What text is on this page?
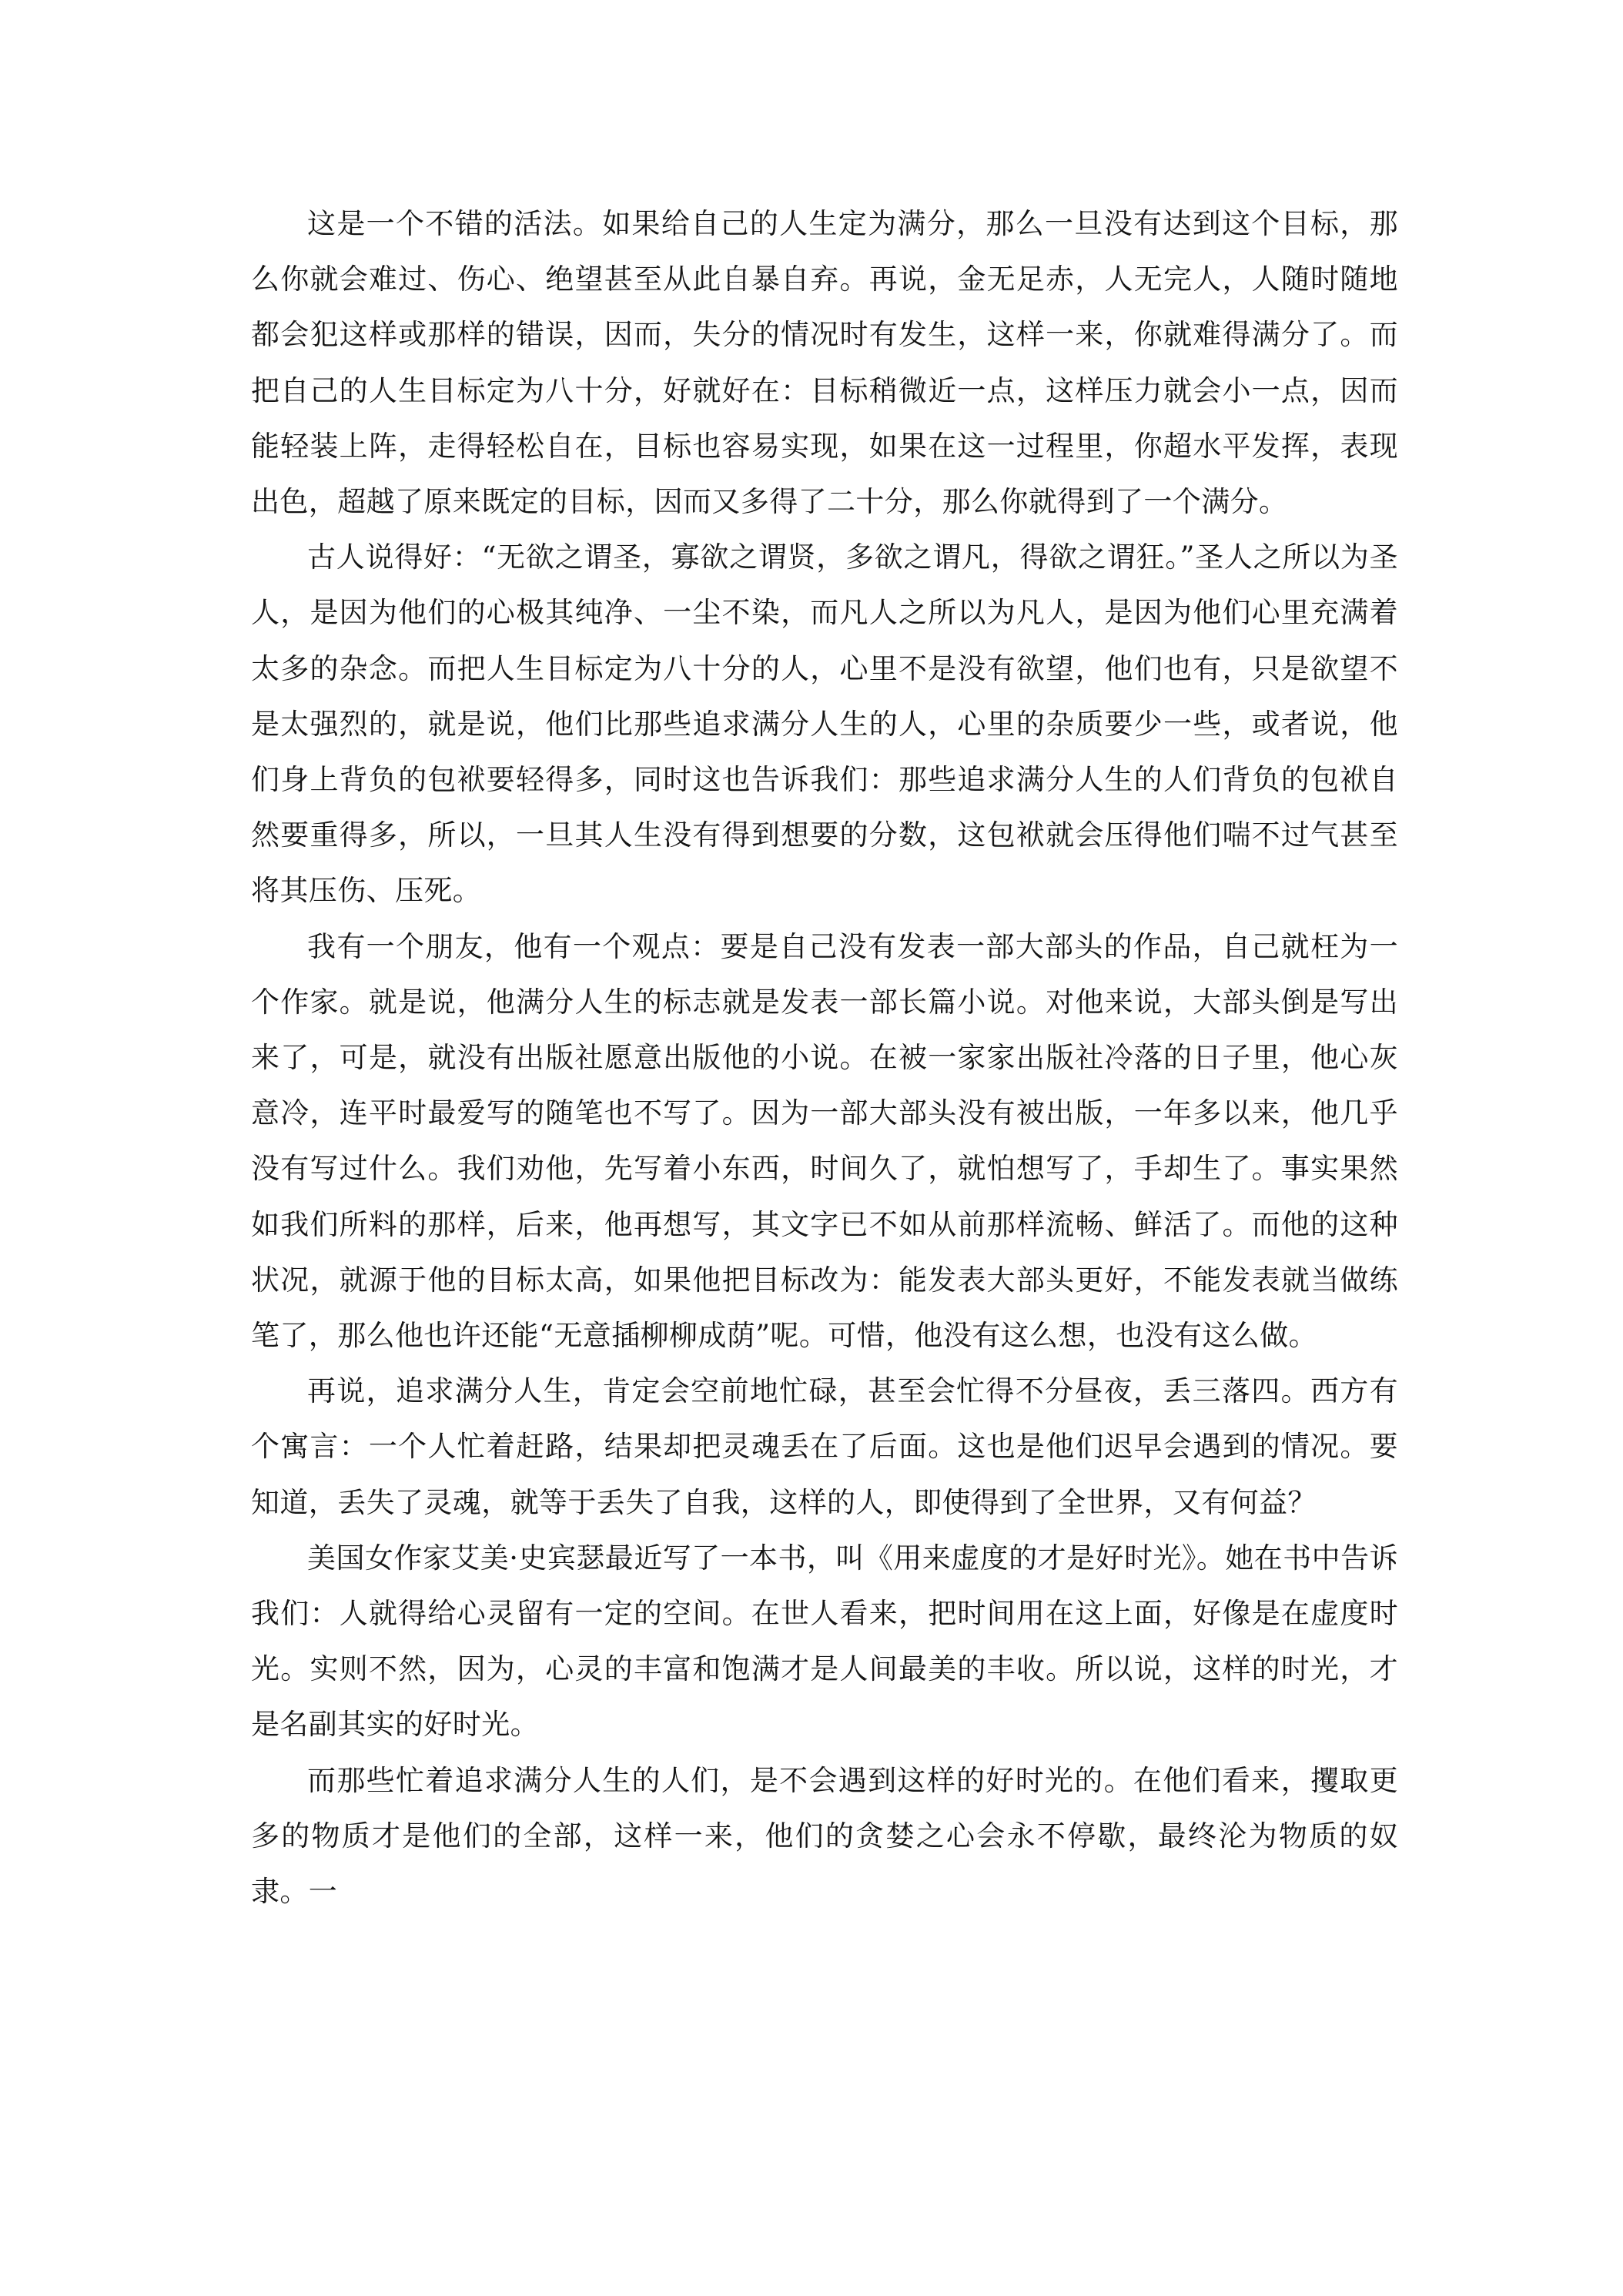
这是一个不错的活法。如果给自己的人生定为满分，那么一旦没有达到这个目标，那么你就会难过、伤心、绝望甚至从此自暴自弃。再说，金无足赤，人无完人，人随时随地都会犯这样或那样的错误，因而，失分的情况时有发生，这样一来，你就难得满分了。而把自己的人生目标定为八十分，好就好在：目标稍微近一点，这样压力就会小一点，因而能轻装上阵，走得轻松自在，目标也容易实现，如果在这一过程里，你超水平发挥，表现出色，超越了原来既定的目标，因而又多得了二十分，那么你就得到了一个满分。

古人说得好：“无欲之谓圣，寡欲之谓贤，多欲之谓凡，得欲之谓狂。”圣人之所以为圣人，是因为他们的心极其纯净、一尘不染，而凡人之所以为凡人，是因为他们心里充满着太多的杂念。而把人生目标定为八十分的人，心里不是没有欲望，他们也有，只是欲望不是太强烈的，就是说，他们比那些追求满分人生的人，心里的杂质要少一些，或者说，他们身上背负的包袱要轻得多，同时这也告诉我们：那些追求满分人生的人们背负的包袱自然要重得多，所以，一旦其人生没有得到想要的分数，这包袱就会压得他们喘不过气甚至将其压伤、压死。

我有一个朋友，他有一个观点：要是自己没有发表一部大部头的作品，自己就枉为一个作家。就是说，他满分人生的标志就是发表一部长篇小说。对他来说，大部头倒是写出来了，可是，就没有出版社愿意出版他的小说。在被一家家出版社冷落的日子里，他心灰意冷，连平时最爱写的随笔也不写了。因为一部大部头没有被出版，一年多以来，他几乎没有写过什么。我们劝他，先写着小东西，时间久了，就怕想写了，手却生了。事实果然如我们所料的那样，后来，他再想写，其文字已不如从前那样流畅、鲜活了。而他的这种状况，就源于他的目标太高，如果他把目标改为：能发表大部头更好，不能发表就当做练笔了，那么他也许还能“无意插柳柳成荫”呢。可惜，他没有这么想，也没有这么做。

再说，追求满分人生，肯定会空前地忙碌，甚至会忙得不分昼夜，丢三落四。西方有个寓言：一个人忙着赶路，结果却把灵魂丢在了后面。这也是他们迟早会遇到的情况。要知道，丢失了灵魂，就等于丢失了自我，这样的人，即使得到了全世界，又有何益？

美国女作家艾美·史宾瑟最近写了一本书，叫《用来虚度的才是好时光》。她在书中告诉我们：人就得给心灵留有一定的空间。在世人看来，把时间用在这上面，好像是在虚度时光。实则不然，因为，心灵的丰富和饱满才是人间最美的丰收。所以说，这样的时光，才是名副其实的好时光。

而那些忙着追求满分人生的人们，是不会遇到这样的好时光的。在他们看来，攫取更多的物质才是他们的全部，这样一来，他们的贪婪之心会永不停歇，最终沦为物质的奴隶。一
